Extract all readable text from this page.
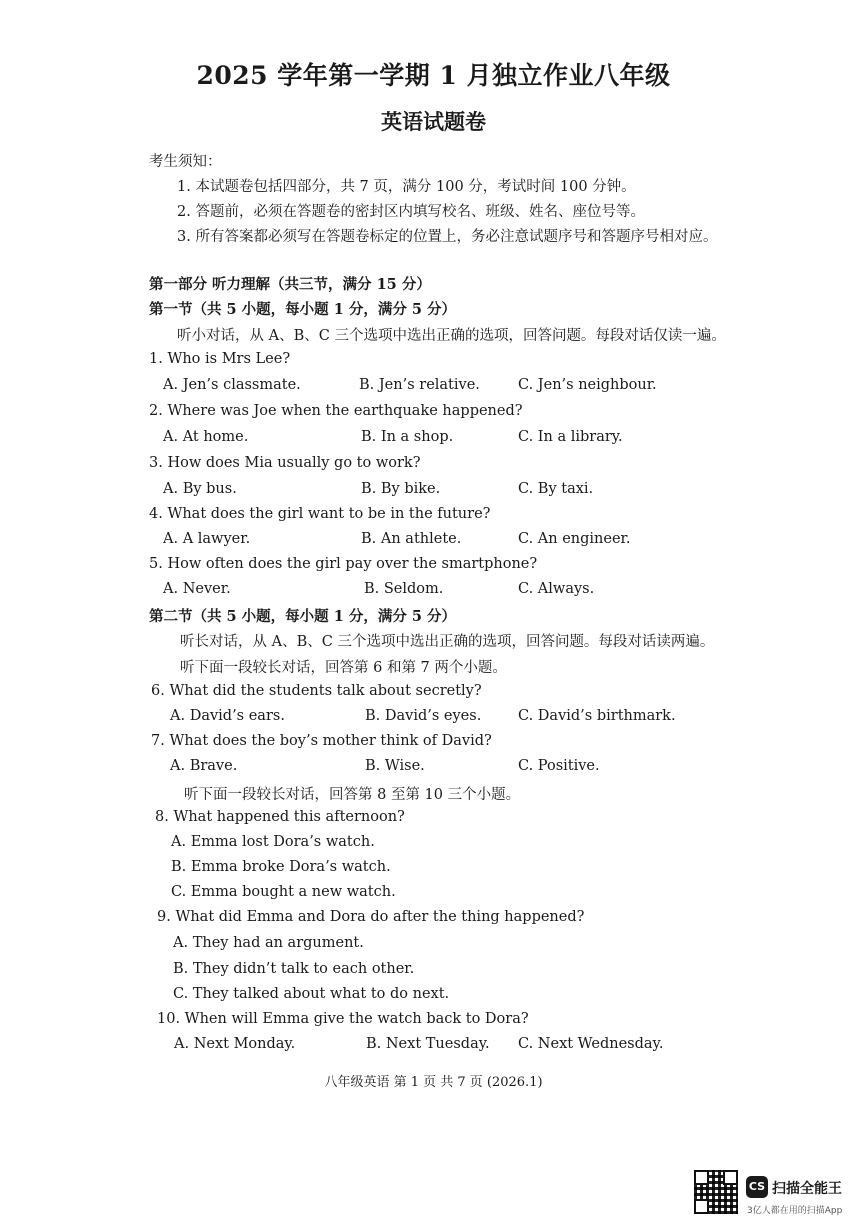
2025 学年第一学期 1 月独立作业八年级
英语试题卷
考生须知：
1. 本试题卷包括四部分，共 7 页，满分 100 分，考试时间 100 分钟。
2. 答题前，必须在答题卷的密封区内填写校名、班级、姓名、座位号等。
3. 所有答案都必须写在答题卷标定的位置上，务必注意试题序号和答题序号相对应。
第一部分 听力理解（共三节，满分 15 分）
第一节（共 5 小题，每小题 1 分，满分 5 分）
听小对话，从 A、B、C 三个选项中选出正确的选项，回答问题。每段对话仅读一遍。
1. Who is Mrs Lee?
A. Jen’s classmate.	B. Jen’s relative.	C. Jen’s neighbour.
2. Where was Joe when the earthquake happened?
A. At home.	B. In a shop.	C. In a library.
3. How does Mia usually go to work?
A. By bus.	B. By bike.	C. By taxi.
4. What does the girl want to be in the future?
A. A lawyer.	B. An athlete.	C. An engineer.
5. How often does the girl pay over the smartphone?
A. Never.	B. Seldom.	C. Always.
第二节（共 5 小题，每小题 1 分，满分 5 分）
听长对话，从 A、B、C 三个选项中选出正确的选项，回答问题。每段对话读两遍。
听下面一段较长对话，回答第 6 和第 7 两个小题。
6. What did the students talk about secretly?
A. David’s ears.	B. David’s eyes.	C. David’s birthmark.
7. What does the boy’s mother think of David?
A. Brave.	B. Wise.	C. Positive.
听下面一段较长对话，回答第 8 至第 10 三个小题。
8. What happened this afternoon?
A. Emma lost Dora’s watch.
B. Emma broke Dora’s watch.
C. Emma bought a new watch.
9. What did Emma and Dora do after the thing happened?
A. They had an argument.
B. They didn’t talk to each other.
C. They talked about what to do next.
10. When will Emma give the watch back to Dora?
A. Next Monday.	B. Next Tuesday. C. Next Wednesday.
八年级英语 第 1 页 共 7 页 (2026.1)
CS 扫描全能王
3亿人都在用的扫描App
